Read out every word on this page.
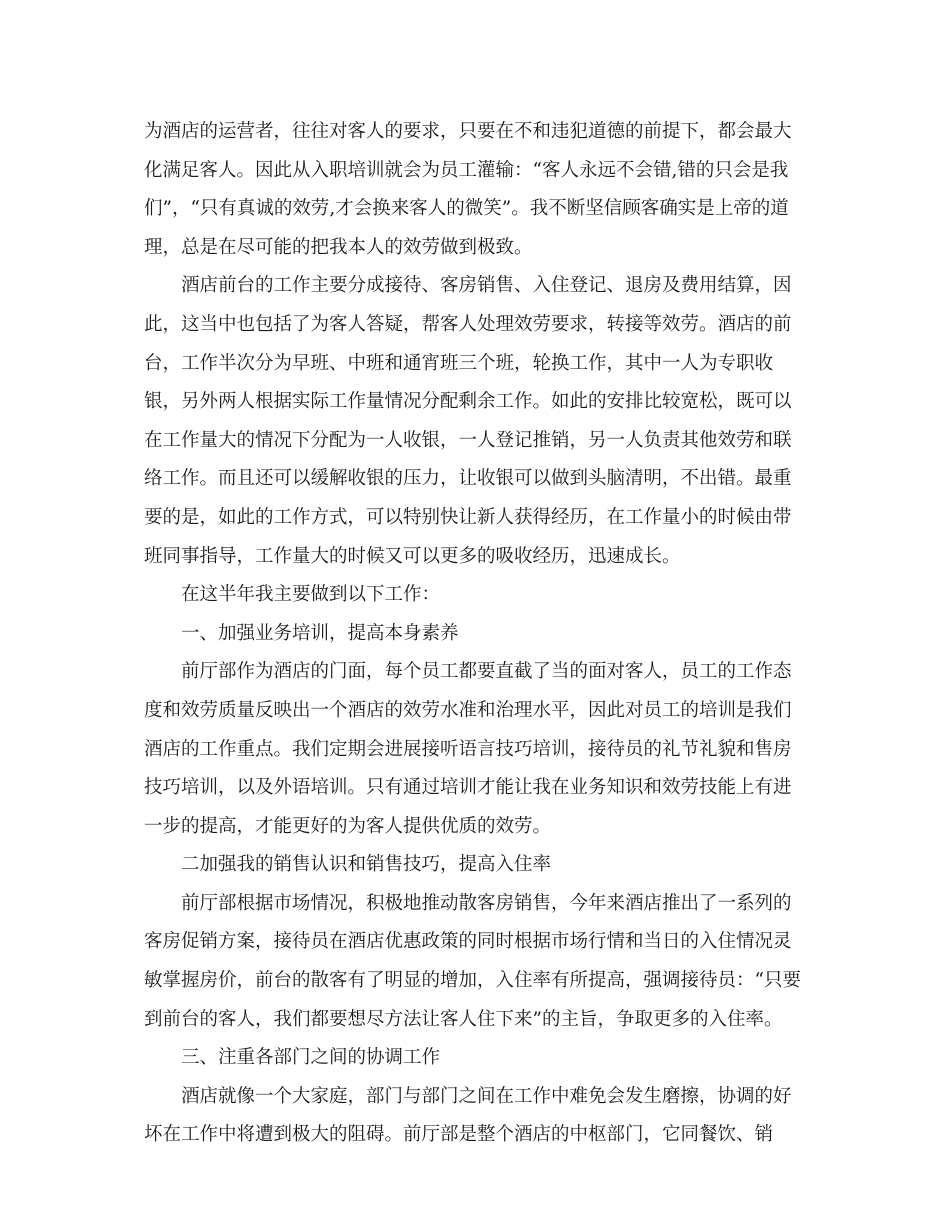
为酒店的运营者，往往对客人的要求，只要在不和违犯道德的前提下，都会最大
化满足客人。因此从入职培训就会为员工灌输：“客人永远不会错,错的只会是我
们”，“只有真诚的效劳,才会换来客人的微笑”。我不断坚信顾客确实是上帝的道
理，总是在尽可能的把我本人的效劳做到极致。
酒店前台的工作主要分成接待、客房销售、入住登记、退房及费用结算，因
此，这当中也包括了为客人答疑，帮客人处理效劳要求，转接等效劳。酒店的前
台，工作半次分为早班、中班和通宵班三个班，轮换工作，其中一人为专职收
银，另外两人根据实际工作量情况分配剩余工作。如此的安排比较宽松，既可以
在工作量大的情况下分配为一人收银，一人登记推销，另一人负责其他效劳和联
络工作。而且还可以缓解收银的压力，让收银可以做到头脑清明，不出错。最重
要的是，如此的工作方式，可以特别快让新人获得经历，在工作量小的时候由带
班同事指导，工作量大的时候又可以更多的吸收经历，迅速成长。
在这半年我主要做到以下工作：
一、加强业务培训，提高本身素养
前厅部作为酒店的门面，每个员工都要直截了当的面对客人，员工的工作态
度和效劳质量反映出一个酒店的效劳水准和治理水平，因此对员工的培训是我们
酒店的工作重点。我们定期会进展接听语言技巧培训，接待员的礼节礼貌和售房
技巧培训，以及外语培训。只有通过培训才能让我在业务知识和效劳技能上有进
一步的提高，才能更好的为客人提供优质的效劳。
二加强我的销售认识和销售技巧，提高入住率
前厅部根据市场情况，积极地推动散客房销售，今年来酒店推出了一系列的
客房促销方案，接待员在酒店优惠政策的同时根据市场行情和当日的入住情况灵
敏掌握房价，前台的散客有了明显的增加，入住率有所提高，强调接待员：“只要
到前台的客人，我们都要想尽方法让客人住下来”的主旨，争取更多的入住率。
三、注重各部门之间的协调工作
酒店就像一个大家庭，部门与部门之间在工作中难免会发生磨擦，协调的好
坏在工作中将遭到极大的阻碍。前厅部是整个酒店的中枢部门，它同餐饮、销
